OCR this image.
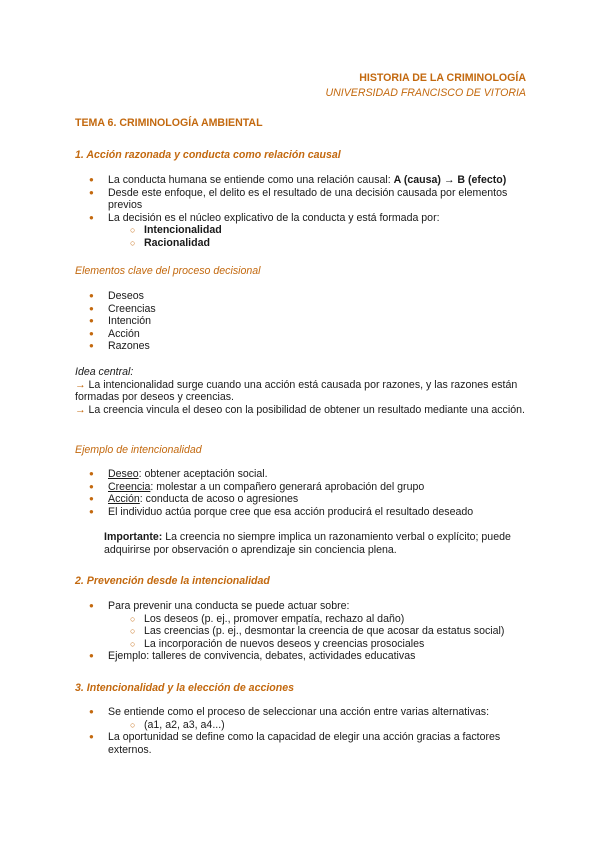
HISTORIA DE LA CRIMINOLOGÍA
UNIVERSIDAD FRANCISCO DE VITORIA
TEMA 6. CRIMINOLOGÍA AMBIENTAL
1. Acción razonada y conducta como relación causal
● La conducta humana se entiende como una relación causal: A (causa) → B (efecto)
● Desde este enfoque, el delito es el resultado de una decisión causada por elementos previos
● La decisión es el núcleo explicativo de la conducta y está formada por:
○ Intencionalidad
○ Racionalidad
Elementos clave del proceso decisional
● Deseos
● Creencias
● Intención
● Acción
● Razones
Idea central:
→ La intencionalidad surge cuando una acción está causada por razones, y las razones están formadas por deseos y creencias.
→ La creencia vincula el deseo con la posibilidad de obtener un resultado mediante una acción.
Ejemplo de intencionalidad
● Deseo: obtener aceptación social.
● Creencia: molestar a un compañero generará aprobación del grupo
● Acción: conducta de acoso o agresiones
● El individuo actúa porque cree que esa acción producirá el resultado deseado
Importante: La creencia no siempre implica un razonamiento verbal o explícito; puede adquirirse por observación o aprendizaje sin conciencia plena.
2. Prevención desde la intencionalidad
● Para prevenir una conducta se puede actuar sobre:
○ Los deseos (p. ej., promover empatía, rechazo al daño)
○ Las creencias (p. ej., desmontar la creencia de que acosar da estatus social)
○ La incorporación de nuevos deseos y creencias prosociales
● Ejemplo: talleres de convivencia, debates, actividades educativas
3. Intencionalidad y la elección de acciones
● Se entiende como el proceso de seleccionar una acción entre varias alternativas:
○ (a1, a2, a3, a4...)
● La oportunidad se define como la capacidad de elegir una acción gracias a factores externos.
